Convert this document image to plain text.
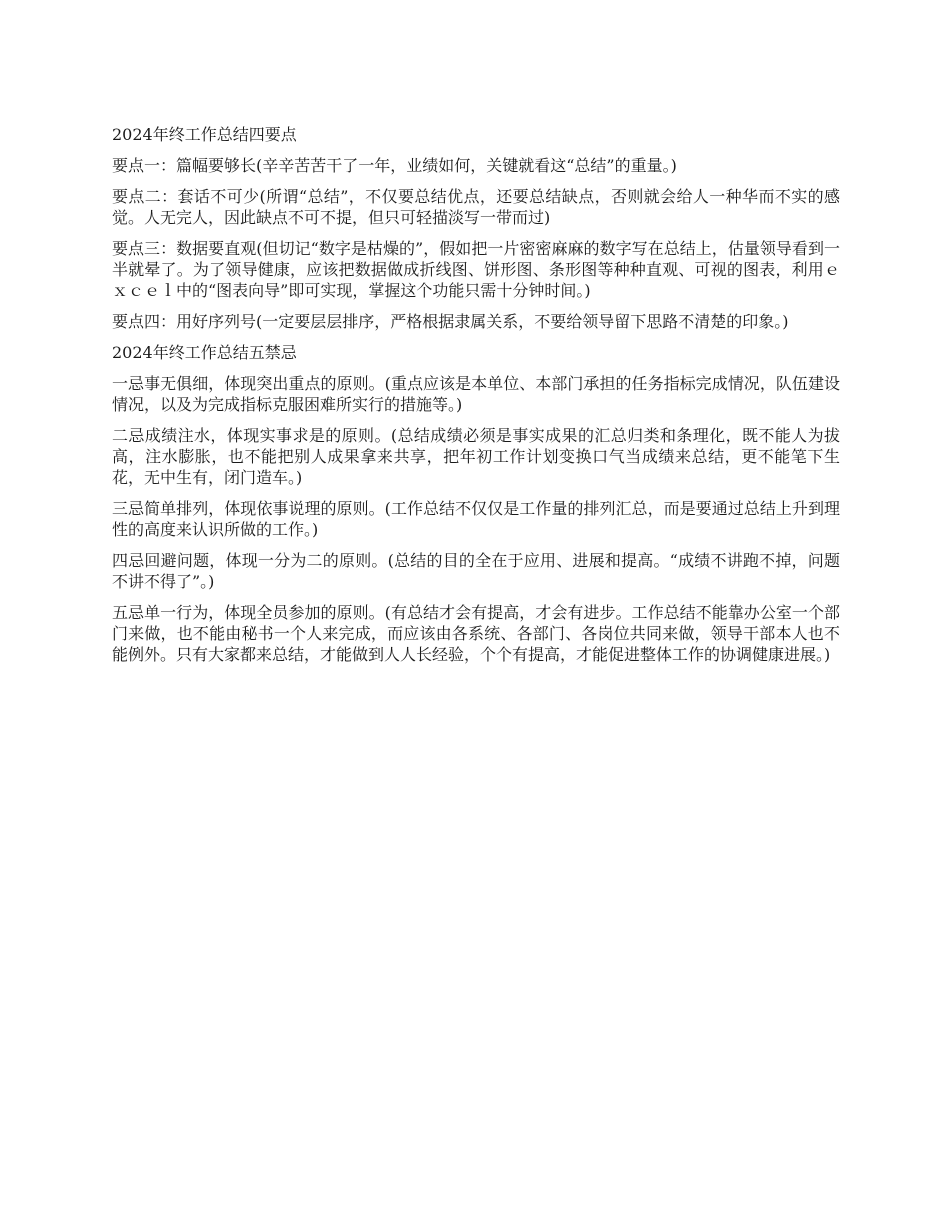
2024年终工作总结四要点

要点一：篇幅要够长(辛辛苦苦干了一年，业绩如何，关键就看这“总结”的重量。)

要点二：套话不可少(所谓“总结”，不仅要总结优点，还要总结缺点，否则就会给人一种华而不实的感觉。人无完人，因此缺点不可不提，但只可轻描淡写一带而过)

要点三：数据要直观(但切记“数字是枯燥的”，假如把一片密密麻麻的数字写在总结上，估量领导看到一半就晕了。为了领导健康，应该把数据做成折线图、饼形图、条形图等种种直观、可视的图表，利用ｅｘｃｅｌ中的“图表向导”即可实现，掌握这个功能只需十分钟时间。)

要点四：用好序列号(一定要层层排序，严格根据隶属关系，不要给领导留下思路不清楚的印象。)

2024年终工作总结五禁忌

一忌事无俱细，体现突出重点的原则。(重点应该是本单位、本部门承担的任务指标完成情况，队伍建设情况，以及为完成指标克服困难所实行的措施等。)

二忌成绩注水，体现实事求是的原则。(总结成绩必须是事实成果的汇总归类和条理化，既不能人为拔高，注水膨胀，也不能把别人成果拿来共享，把年初工作计划变换口气当成绩来总结，更不能笔下生花，无中生有，闭门造车。)

三忌简单排列，体现依事说理的原则。(工作总结不仅仅是工作量的排列汇总，而是要通过总结上升到理性的高度来认识所做的工作。)

四忌回避问题，体现一分为二的原则。(总结的目的全在于应用、进展和提高。“成绩不讲跑不掉，问题不讲不得了”。)

五忌单一行为，体现全员参加的原则。(有总结才会有提高，才会有进步。工作总结不能靠办公室一个部门来做，也不能由秘书一个人来完成，而应该由各系统、各部门、各岗位共同来做，领导干部本人也不能例外。只有大家都来总结，才能做到人人长经验，个个有提高，才能促进整体工作的协调健康进展。)
